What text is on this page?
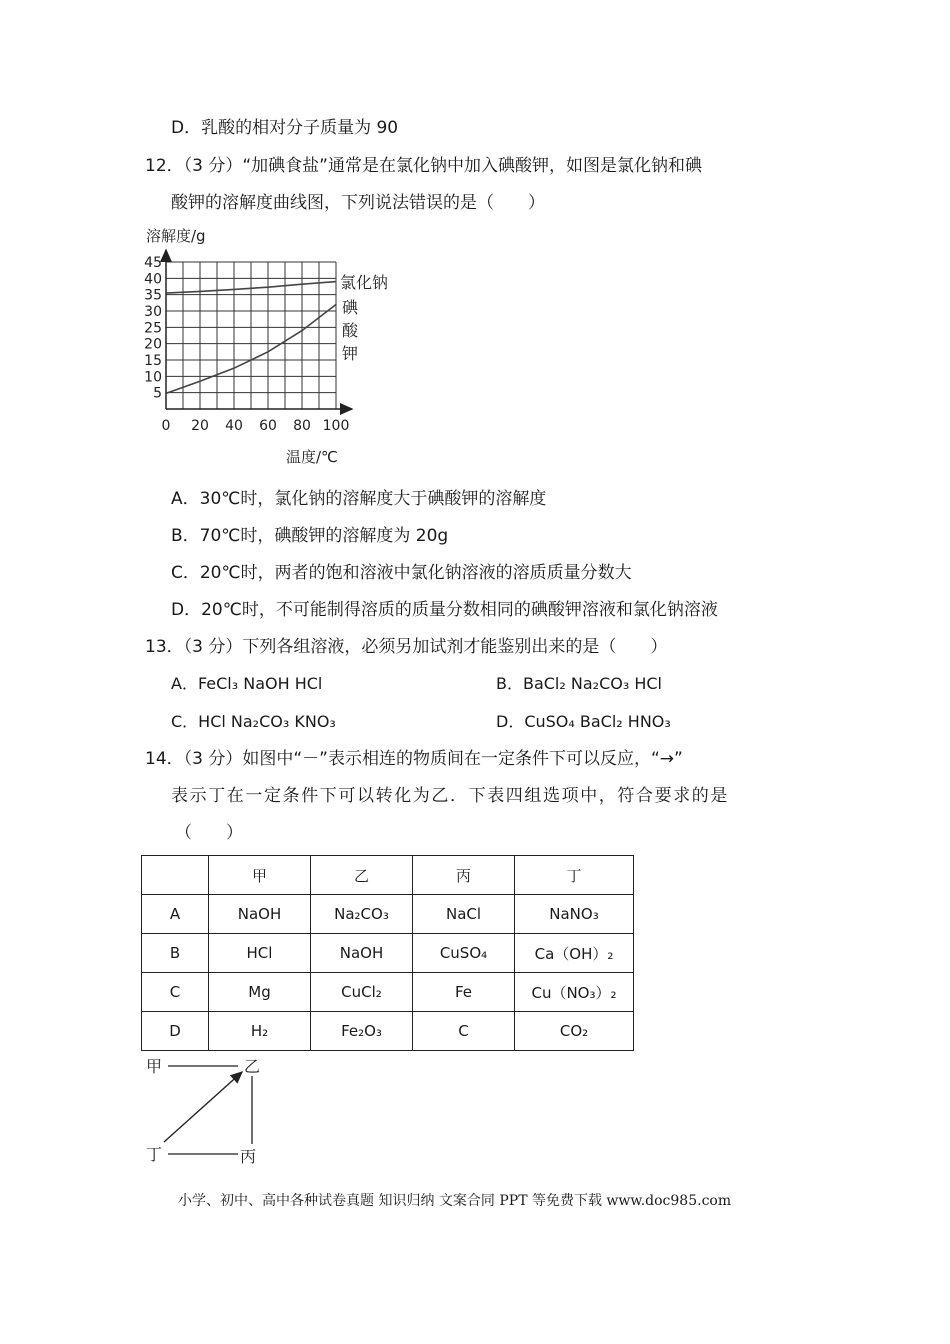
D．乳酸的相对分子质量为 90
12．（3 分）“加碘食盐”通常是在氯化钠中加入碘酸钾，如图是氯化钠和碘
酸钾的溶解度曲线图，下列说法错误的是（　　）
0 20 40 60 80 100
5
10
15
20
25
30
35
40
45
溶解度/g
温度/℃
氯化钠
碘
酸
钾
A．30℃时，氯化钠的溶解度大于碘酸钾的溶解度
B．70℃时，碘酸钾的溶解度为 20g
C．20℃时，两者的饱和溶液中氯化钠溶液的溶质质量分数大
D．20℃时，不可能制得溶质的质量分数相同的碘酸钾溶液和氯化钠溶液
13．（3 分）下列各组溶液，必须另加试剂才能鉴别出来的是（　　）
A．FeCl₃ NaOH HCl	B．BaCl₂ Na₂CO₃ HCl
C．HCl Na₂CO₃ KNO₃	D．CuSO₄ BaCl₂ HNO₃
14．（3 分）如图中“－”表示相连的物质间在一定条件下可以反应，“→”
表示丁在一定条件下可以转化为乙．下表四组选项中，符合要求的是
（　　）
	甲	乙	丙	丁
A	NaOH	Na₂CO₃	NaCl	NaNO₃
B	HCl	NaOH	CuSO₄	Ca（OH）₂
C	Mg	CuCl₂	Fe	Cu（NO₃）₂
D	H₂	Fe₂O₃	C	CO₂
甲	乙
丁	丙
小学、初中、高中各种试卷真题 知识归纳 文案合同 PPT 等免费下载 www.doc985.com
